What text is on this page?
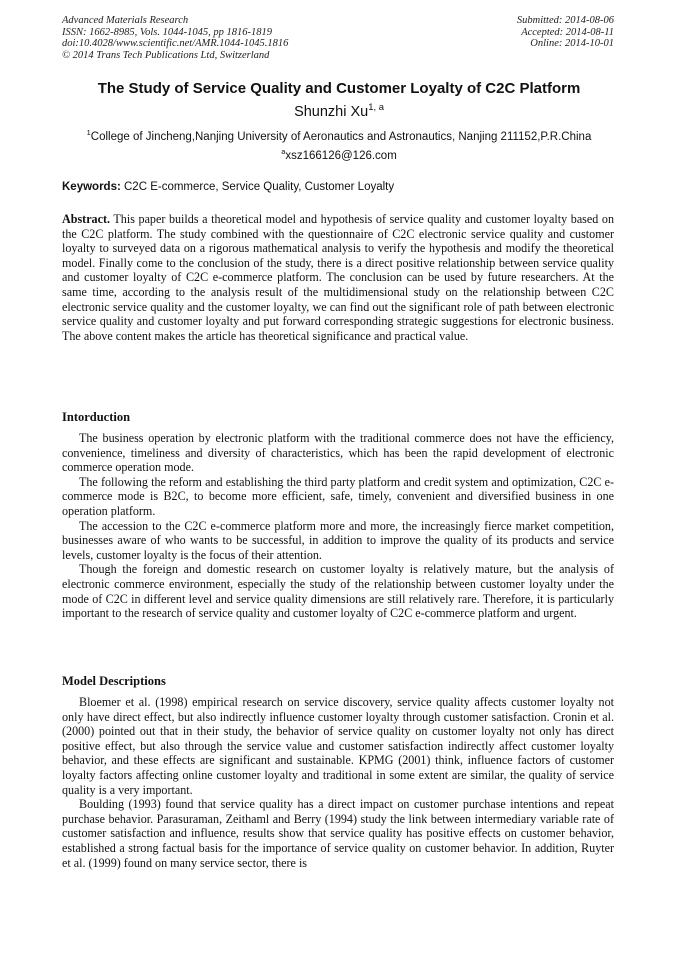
Advanced Materials Research
ISSN: 1662-8985, Vols. 1044-1045, pp 1816-1819
doi:10.4028/www.scientific.net/AMR.1044-1045.1816
© 2014 Trans Tech Publications Ltd, Switzerland
Submitted: 2014-08-06
Accepted: 2014-08-11
Online: 2014-10-01
The Study of Service Quality and Customer Loyalty of C2C Platform
Shunzhi Xu$^{1, a}$
$^1$College of Jincheng,Nanjing University of Aeronautics and Astronautics, Nanjing 211152,P.R.China
$^a$xsz166126@126.com
Keywords: C2C E-commerce, Service Quality, Customer Loyalty

Abstract. This paper builds a theoretical model and hypothesis of service quality and customer loyalty based on the C2C platform. The study combined with the questionnaire of C2C electronic service quality and customer loyalty to surveyed data on a rigorous mathematical analysis to verify the hypothesis and modify the theoretical model. Finally come to the conclusion of the study, there is a direct positive relationship between service quality and customer loyalty of C2C e-commerce platform. The conclusion can be used by future researchers. At the same time, according to the analysis result of the multidimensional study on the relationship between C2C electronic service quality and the customer loyalty, we can find out the significant role of path between electronic service quality and customer loyalty and put forward corresponding strategic suggestions for electronic business. The above content makes the article has theoretical significance and practical value.

Intorduction

The business operation by electronic platform with the traditional commerce does not have the efficiency, convenience, timeliness and diversity of characteristics, which has been the rapid development of electronic commerce operation mode.

The following the reform and establishing the third party platform and credit system and optimization, C2C e-commerce mode is B2C, to become more efficient, safe, timely, convenient and diversified business in one operation platform.

The accession to the C2C e-commerce platform more and more, the increasingly fierce market competition, businesses aware of who wants to be successful, in addition to improve the quality of its products and service levels, customer loyalty is the focus of their attention.

Though the foreign and domestic research on customer loyalty is relatively mature, but the analysis of electronic commerce environment, especially the study of the relationship between customer loyalty under the mode of C2C in different level and service quality dimensions are still relatively rare. Therefore, it is particularly important to the research of service quality and customer loyalty of C2C e-commerce platform and urgent.

Model Descriptions

Bloemer et al. (1998) empirical research on service discovery, service quality affects customer loyalty not only have direct effect, but also indirectly influence customer loyalty through customer satisfaction. Cronin et al. (2000) pointed out that in their study, the behavior of service quality on customer loyalty not only has direct positive effect, but also through the service value and customer satisfaction indirectly affect customer loyalty behavior, and these effects are significant and sustainable. KPMG (2001) think, influence factors of customer loyalty factors affecting online customer loyalty and traditional in some extent are similar, the quality of service quality is a very important.

Boulding (1993) found that service quality has a direct impact on customer purchase intentions and repeat purchase behavior. Parasuraman, Zeithaml and Berry (1994) study the link between intermediary variable rate of customer satisfaction and influence, results show that service quality has positive effects on customer behavior, established a strong factual basis for the importance of service quality on customer behavior. In addition, Ruyter et al. (1999) found on many service sector, there is
